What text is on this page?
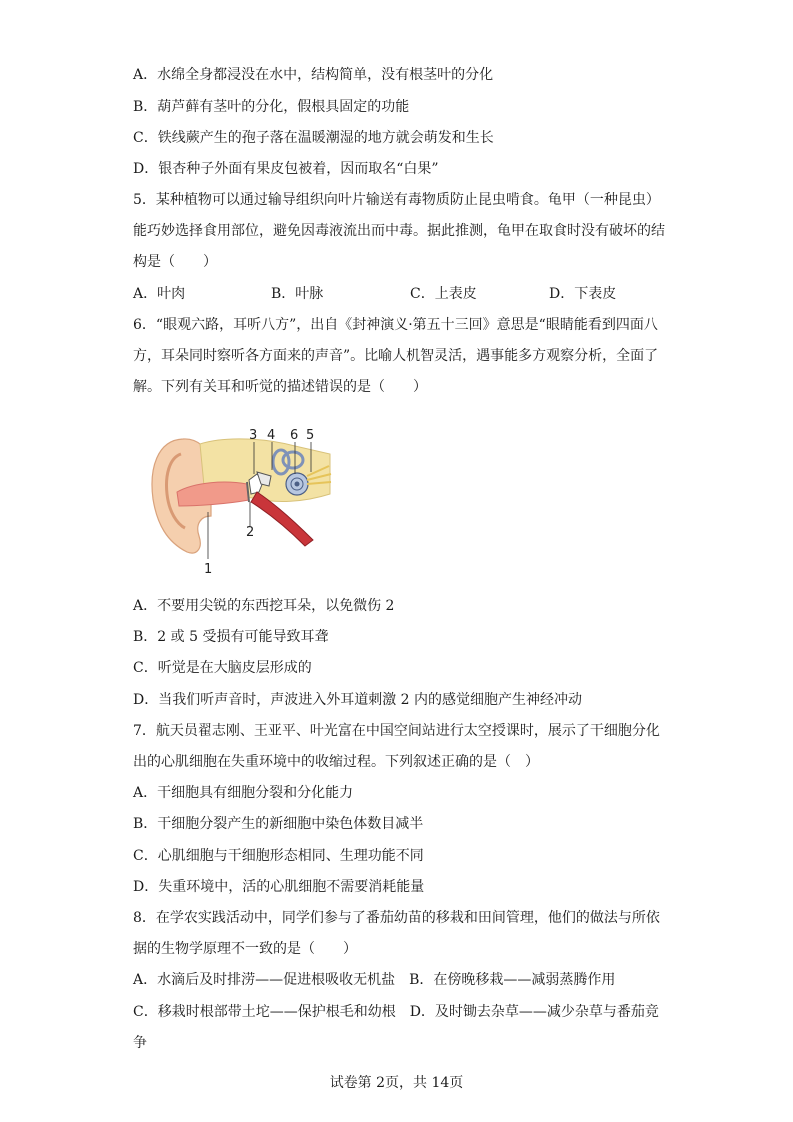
A．水绵全身都浸没在水中，结构简单，没有根茎叶的分化
B．葫芦藓有茎叶的分化，假根具固定的功能
C．铁线蕨产生的孢子落在温暖潮湿的地方就会萌发和生长
D．银杏种子外面有果皮包被着，因而取名“白果”
5．某种植物可以通过输导组织向叶片输送有毒物质防止昆虫啃食。龟甲（一种昆虫）
能巧妙选择食用部位，避免因毒液流出而中毒。据此推测，龟甲在取食时没有破坏的结
构是（　　）
A．叶肉	B．叶脉	C．上表皮	D．下表皮
6．“眼观六路，耳听八方”，出自《封神演义·第五十三回》意思是“眼睛能看到四面八
方，耳朵同时察听各方面来的声音”。比喻人机智灵活，遇事能多方观察分析，全面了
解。下列有关耳和听觉的描述错误的是（　　）
1
2
3 4 6 5
A．不要用尖锐的东西挖耳朵，以免微伤 2
B．2 或 5 受损有可能导致耳聋
C．听觉是在大脑皮层形成的
D．当我们听声音时，声波进入外耳道刺激 2 内的感觉细胞产生神经冲动
7．航天员翟志刚、王亚平、叶光富在中国空间站进行太空授课时，展示了干细胞分化
出的心肌细胞在失重环境中的收缩过程。下列叙述正确的是（　）
A．干细胞具有细胞分裂和分化能力
B．干细胞分裂产生的新细胞中染色体数目减半
C．心肌细胞与干细胞形态相同、生理功能不同
D．失重环境中，活的心肌细胞不需要消耗能量
8．在学农实践活动中，同学们参与了番茄幼苗的移栽和田间管理，他们的做法与所依
据的生物学原理不一致的是（　　）
A．水滴后及时排涝——促进根吸收无机盐　B．在傍晚移栽——减弱蒸腾作用
C．移栽时根部带土坨——保护根毛和幼根　D．及时锄去杂草——减少杂草与番茄竞
争
试卷第 2页，共 14页
